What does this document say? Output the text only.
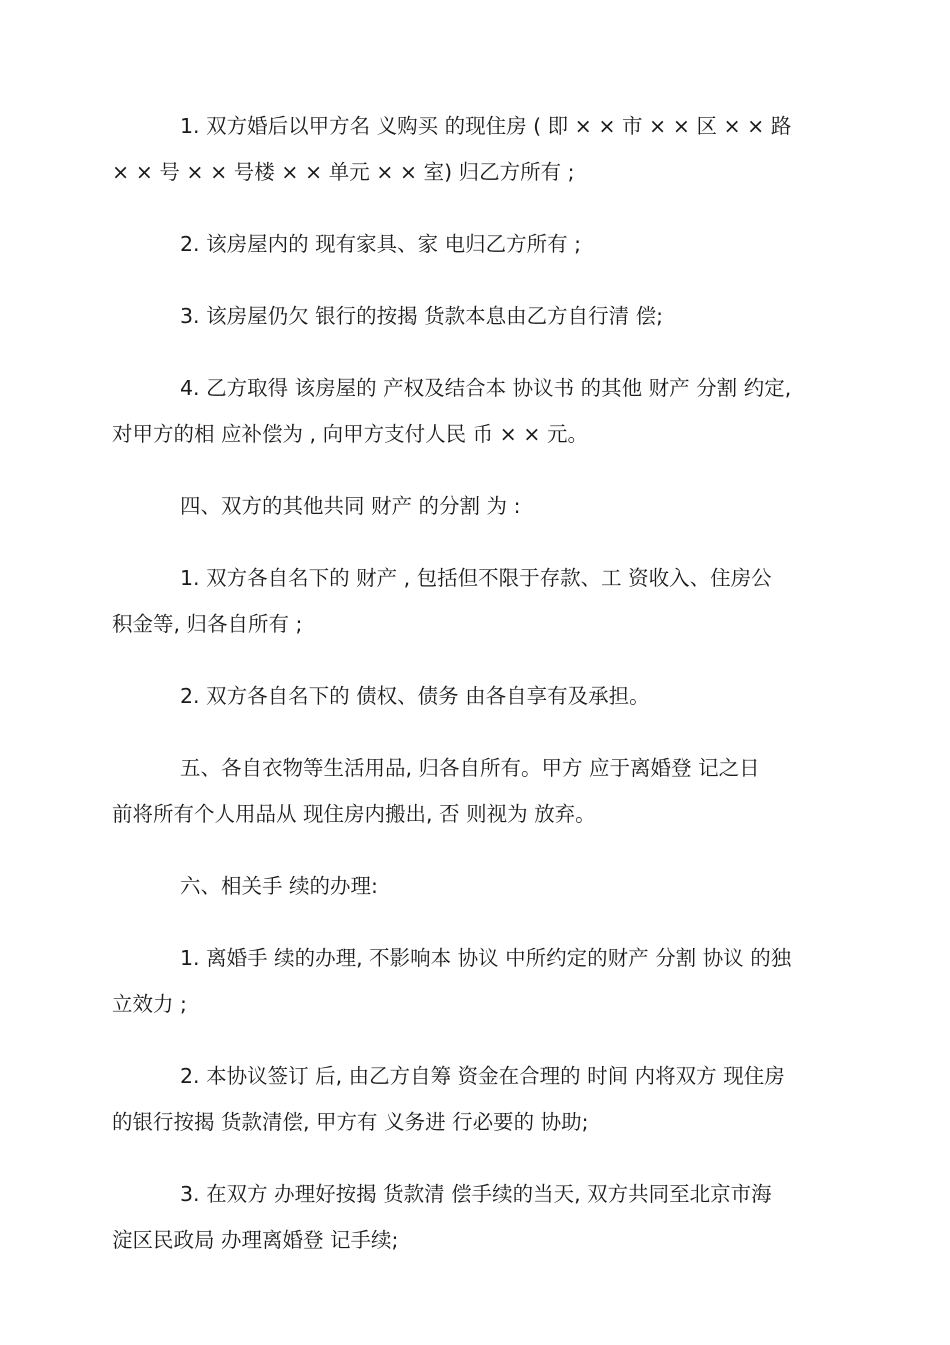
1. 双方婚后以甲方名 义购买 的现住房 ( 即 × × 市 × × 区 × × 路
× × 号 × × 号楼 × × 单元 × × 室) 归乙方所有 ;

2. 该房屋内的 现有家具、家 电归乙方所有 ;

3. 该房屋仍欠 银行的按揭 货款本息由乙方自行清 偿;

4. 乙方取得 该房屋的 产权及结合本 协议书 的其他 财产 分割 约定,
对甲方的相 应补偿为 , 向甲方支付人民 币 × × 元。

四、双方的其他共同 财产 的分割 为 :

1. 双方各自名下的 财产 , 包括但不限于存款、工 资收入、住房公
积金等, 归各自所有 ;

2. 双方各自名下的 债权、债务 由各自享有及承担。

五、各自衣物等生活用品, 归各自所有。甲方 应于离婚登 记之日
前将所有个人用品从 现住房内搬出, 否 则视为 放弃。

六、相关手 续的办理:

1. 离婚手 续的办理, 不影响本 协议 中所约定的财产 分割 协议 的独
立效力 ;

2. 本协议签订 后, 由乙方自筹 资金在合理的 时间 内将双方 现住房
的银行按揭 货款清偿, 甲方有 义务进 行必要的 协助;

3. 在双方 办理好按揭 货款清 偿手续的当天, 双方共同至北京市海
淀区民政局 办理离婚登 记手续;
